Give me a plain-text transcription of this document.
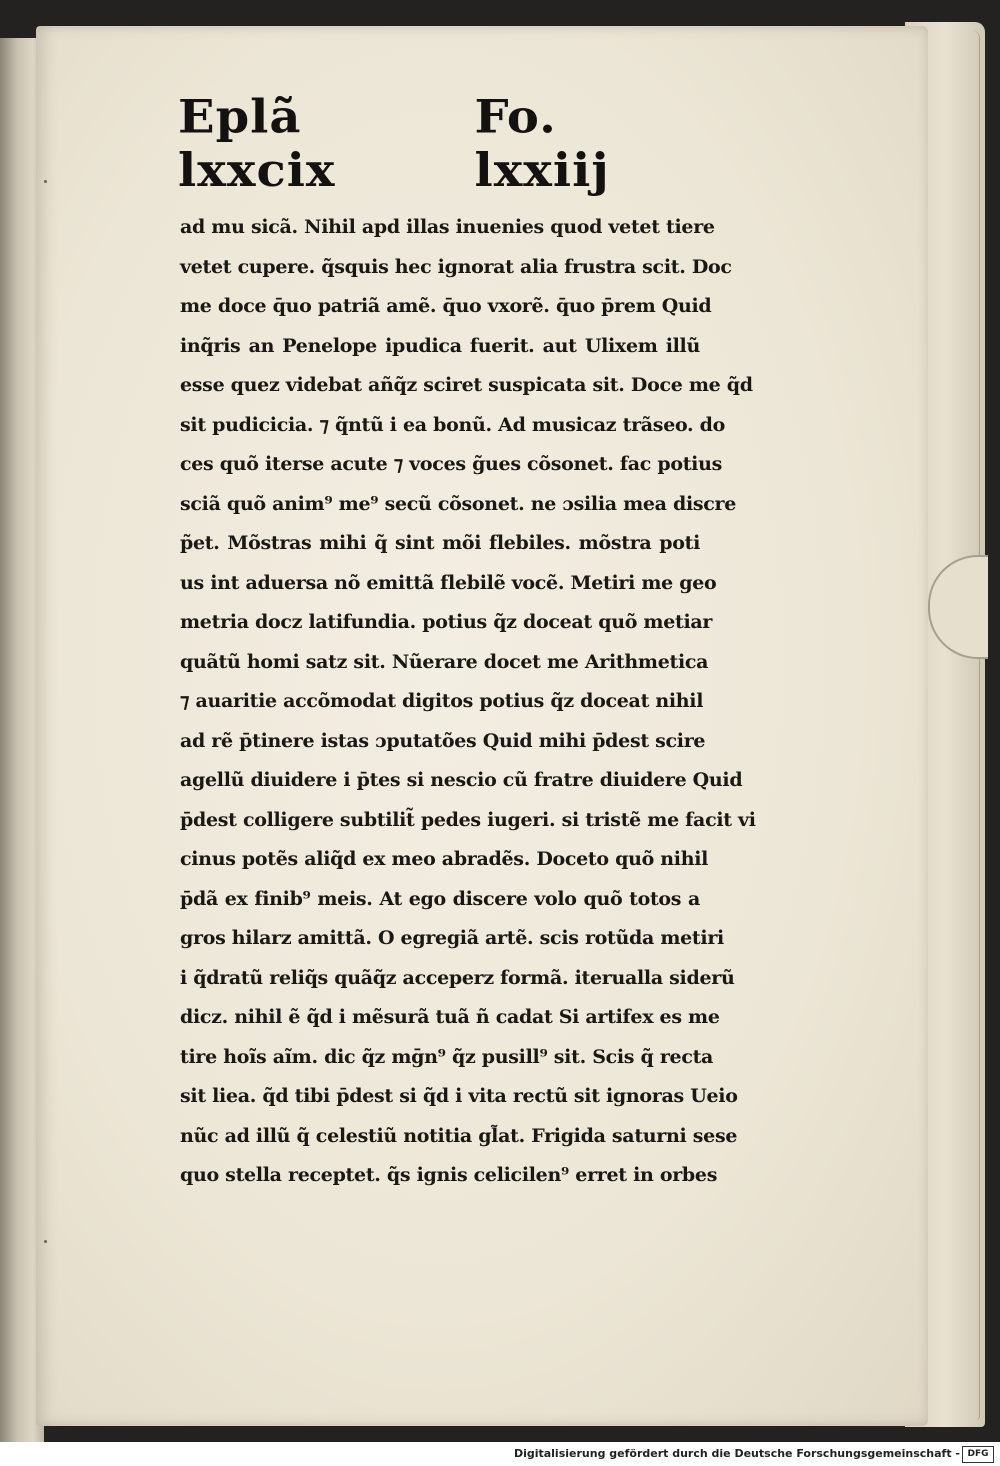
Eplã lxxcix
Fo. lxxiij
ad mu sicã. Nihil apd illas inuenies quod vetet tiere
vetet cupere. q̃squis hec ignorat alia frustra scit. Doc
me doce q̄uo patriã amẽ. q̄uo vxorẽ. q̄uo p̄rem Quid
inq̃ris an Penelope ipudica fuerit. aut Ulixem illũ
esse quez videbat añq̃z sciret suspicata sit. Doce me q̃d
sit pudicicia. ⁊ q̃ntũ i ea bonũ. Ad musicaz trãseo. do
ces quõ iterse acute ⁊ voces g̃ues cõsonet. fac potius
sciã quõ anim⁹ me⁹ secũ cõsonet. ne ɔsilia mea discre
p̃et. Mõstras mihi q̃ sint mõi flebiles. mõstra poti
us int aduersa nõ emittã flebilẽ vocẽ. Metiri me geo
metria docz latifundia. potius q̃z doceat quõ metiar
quãtũ homi satz sit. Nũerare docet me Arithmetica
⁊ auaritie accõmodat digitos potius q̃z doceat nihil
ad rẽ p̄tinere istas ɔputatões Quid mihi p̄dest scire
agellũ diuidere i p̄tes si nescio cũ fratre diuidere Quid
p̄dest colligere subtilit̃ pedes iugeri. si tristẽ me facit vi
cinus potẽs aliq̃d ex meo abradẽs. Doceto quõ nihil
p̄dã ex finib⁹ meis. At ego discere volo quõ totos a
gros hilarz amittã. O egregiã artẽ. scis rotũda metiri
i q̃dratũ reliq̃s quãq̃z acceperz formã. iterualla siderũ
dicz. nihil ẽ q̃d i mẽsurã tuã ñ cadat Si artifex es me
tire hoĩs aĩm. dic q̃z mḡn⁹ q̃z pusill⁹ sit. Scis q̃ recta
sit liea. q̃d tibi p̄dest si q̃d i vita rectũ sit ignoras Ueio
nũc ad illũ q̃ celestiũ notitia gl̃at. Frigida saturni sese
quo stella receptet. q̃s ignis celicilen⁹ erret in orbes
Digitalisierung gefördert durch die Deutsche Forschungsgemeinschaft - DFG
